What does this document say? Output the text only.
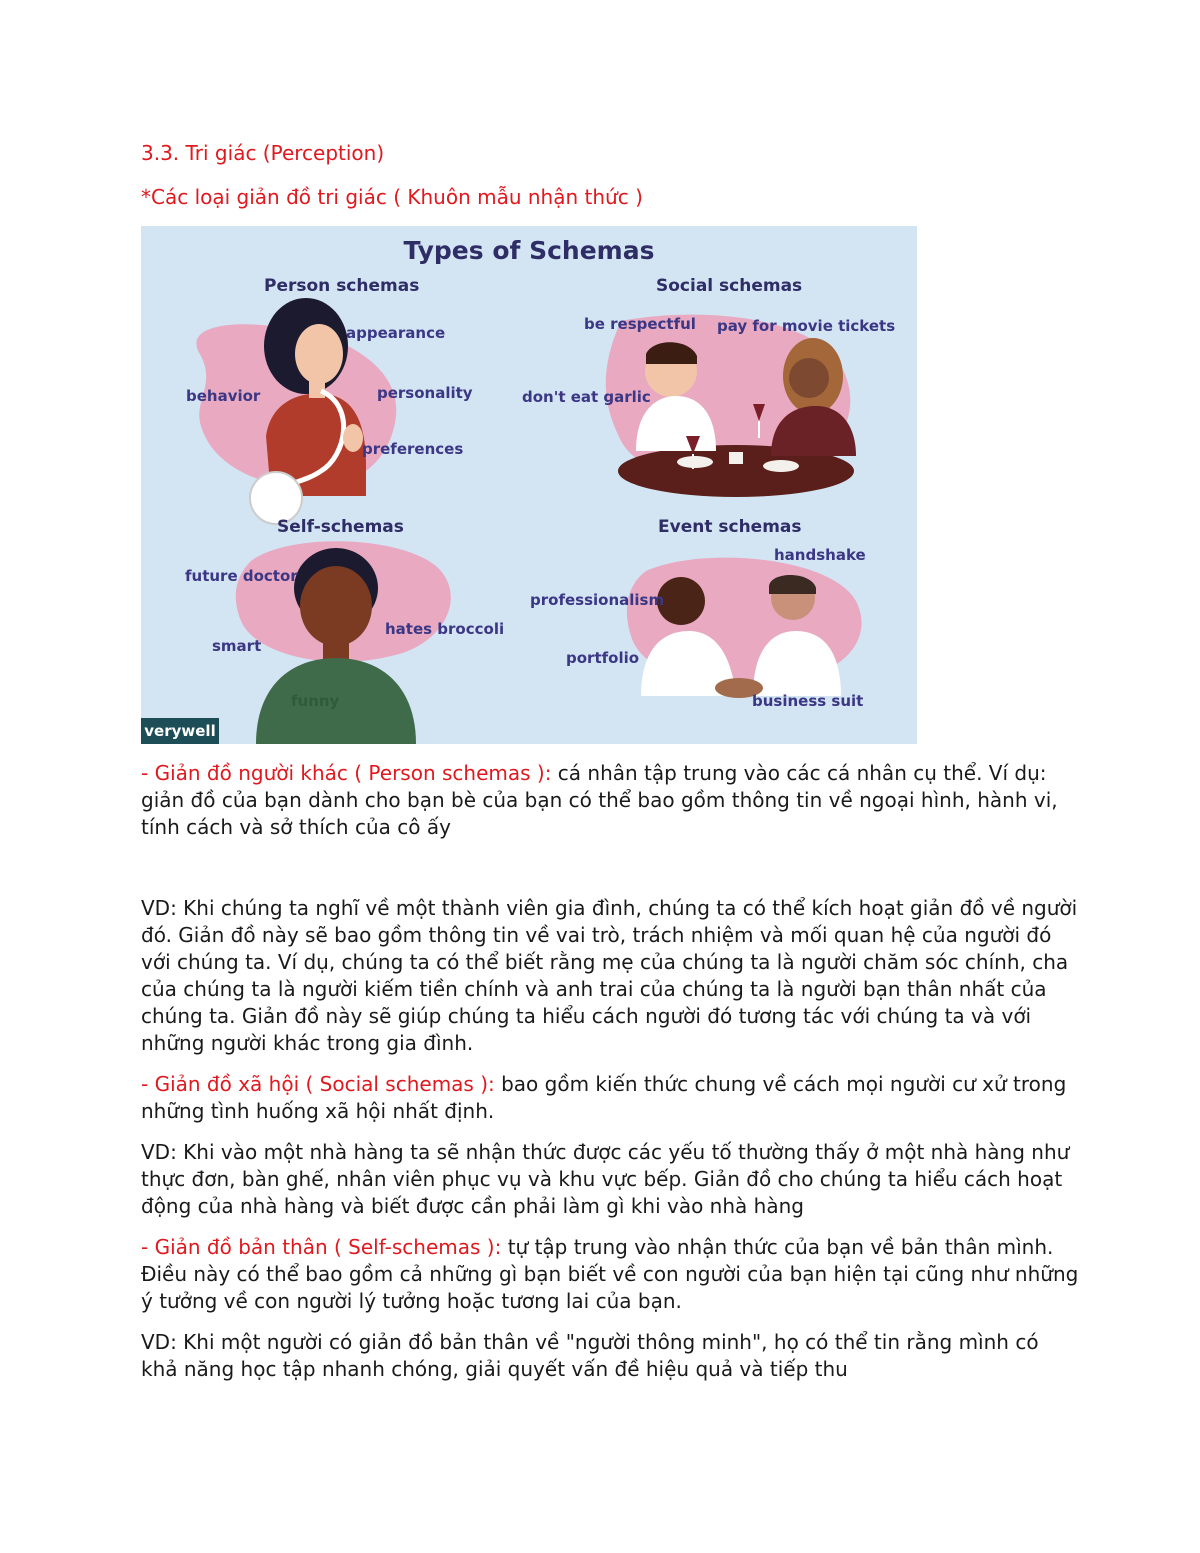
3.3. Tri giác (Perception)
*Các loại giản đồ tri giác ( Khuôn mẫu nhận thức )
Types of Schemas
Person schemas
appearance
behavior	personality
preferences
Social schemas
be respectful pay for movie tickets
don't eat garlic
Self-schemas
future doctor
hates broccoli
smart
funny
Event schemas
handshake
professionalism
portfolio
business suit
verywell
- Giản đồ người khác ( Person schemas ): cá nhân tập trung vào các cá nhân cụ thể. Ví dụ: giản đồ của bạn dành cho bạn bè của bạn có thể bao gồm thông tin về ngoại hình, hành vi, tính cách và sở thích của cô ấy
VD: Khi chúng ta nghĩ về một thành viên gia đình, chúng ta có thể kích hoạt giản đồ về người đó. Giản đồ này sẽ bao gồm thông tin về vai trò, trách nhiệm và mối quan hệ của người đó với chúng ta. Ví dụ, chúng ta có thể biết rằng mẹ của chúng ta là người chăm sóc chính, cha của chúng ta là người kiếm tiền chính và anh trai của chúng ta là người bạn thân nhất của chúng ta. Giản đồ này sẽ giúp chúng ta hiểu cách người đó tương tác với chúng ta và với những người khác trong gia đình.
- Giản đồ xã hội ( Social schemas ): bao gồm kiến thức chung về cách mọi người cư xử trong những tình huống xã hội nhất định.
VD: Khi vào một nhà hàng ta sẽ nhận thức được các yếu tố thường thấy ở một nhà hàng như thực đơn, bàn ghế, nhân viên phục vụ và khu vực bếp. Giản đồ cho chúng ta hiểu cách hoạt động của nhà hàng và biết được cần phải làm gì khi vào nhà hàng
- Giản đồ bản thân ( Self-schemas ): tự tập trung vào nhận thức của bạn về bản thân mình. Điều này có thể bao gồm cả những gì bạn biết về con người của bạn hiện tại cũng như những ý tưởng về con người lý tưởng hoặc tương lai của bạn.
VD: Khi một người có giản đồ bản thân về "người thông minh", họ có thể tin rằng mình có khả năng học tập nhanh chóng, giải quyết vấn đề hiệu quả và tiếp thu
